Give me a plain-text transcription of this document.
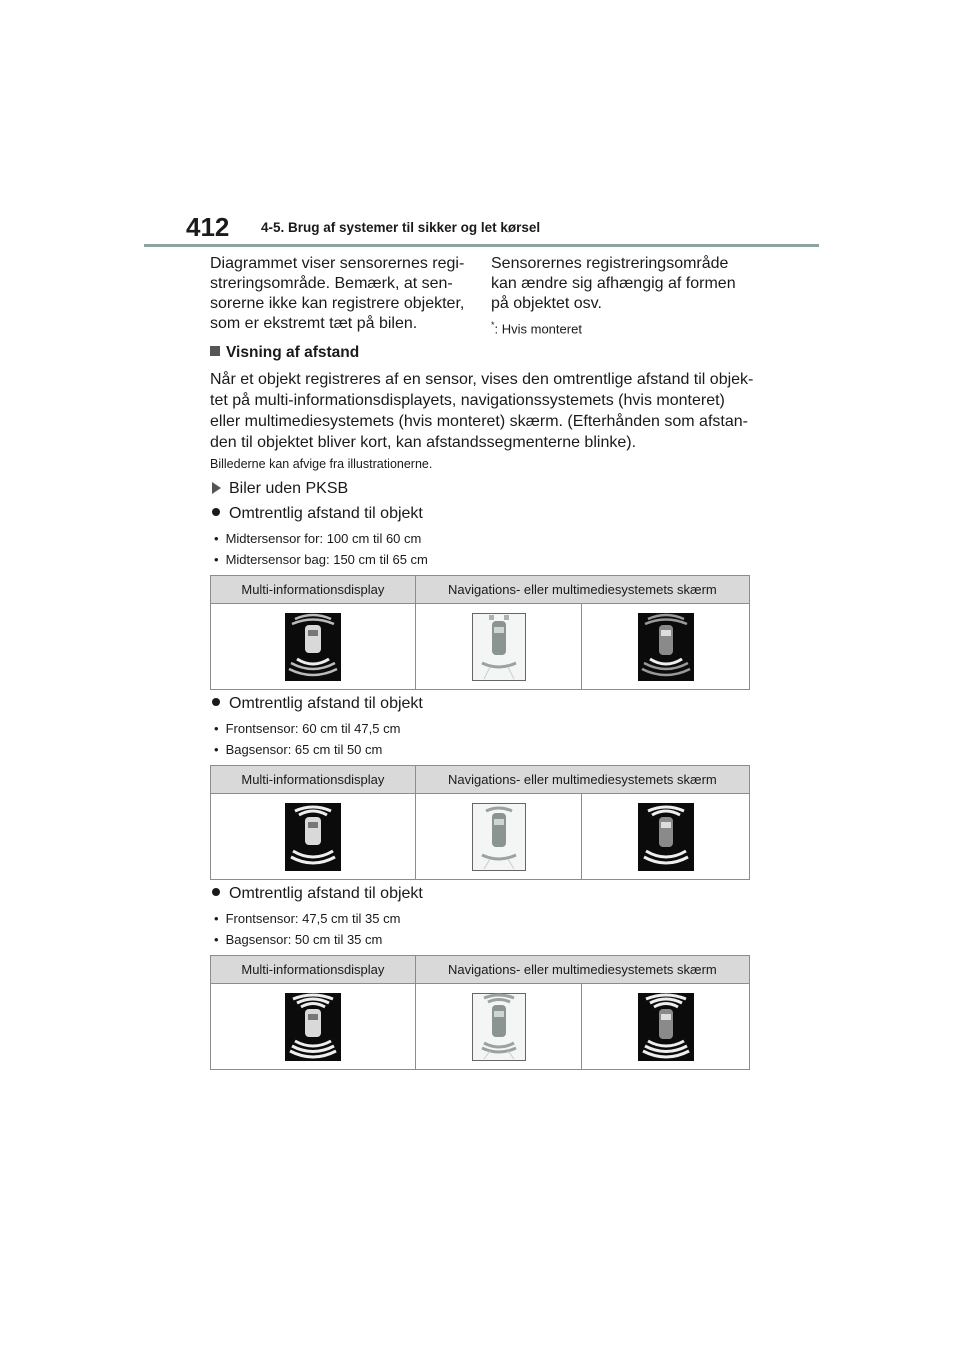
412 4-5. Brug af systemer til sikker og let kørsel

Diagrammet viser sensorernes regi-streringsområde. Bemærk, at sen-sorerne ikke kan registrere objekter, som er ekstremt tæt på bilen.

Sensorernes registreringsområde kan ændre sig afhængig af formen på objektet osv.

*: Hvis monteret
Visning af afstand

Når et objekt registreres af en sensor, vises den omtrentlige afstand til objek-tet på multi-informationsdisplayets, navigationssystemets (hvis monteret) eller multimediesystemets (hvis monteret) skærm. (Efterhånden som afstan-den til objektet bliver kort, kan afstandssegmenterne blinke).

Billederne kan afvige fra illustrationerne.
Biler uden PKSB
Omtrentlig afstand til objekt
• Midtersensor for: 100 cm til 60 cm
• Midtersensor bag: 150 cm til 65 cm
Multi-informationsdisplay	Navigations- eller multimediesystemets skærm	

Omtrentlig afstand til objekt
• Frontsensor: 60 cm til 47,5 cm
• Bagsensor: 65 cm til 50 cm
Multi-informationsdisplay	Navigations- eller multimediesystemets skærm	

Omtrentlig afstand til objekt
• Frontsensor: 47,5 cm til 35 cm
• Bagsensor: 50 cm til 35 cm
Multi-informationsdisplay	Navigations- eller multimediesystemets skærm	
